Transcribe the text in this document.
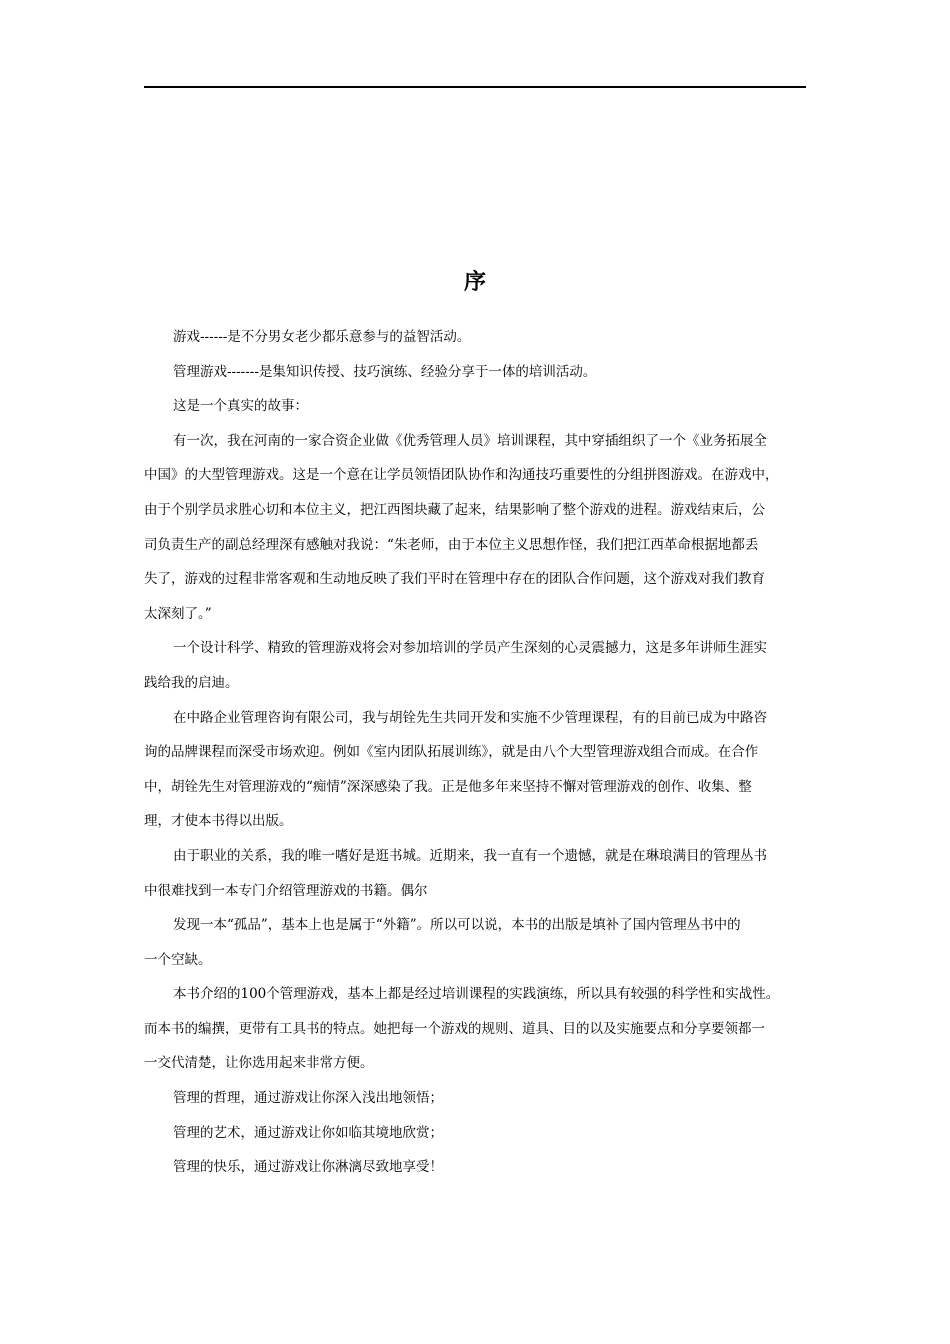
序

游戏------是不分男女老少都乐意参与的益智活动。

管理游戏-------是集知识传授、技巧演练、经验分享于一体的培训活动。

这是一个真实的故事：

有一次，我在河南的一家合资企业做《优秀管理人员》培训课程，其中穿插组织了一个《业务拓展全

中国》的大型管理游戏。这是一个意在让学员领悟团队协作和沟通技巧重要性的分组拼图游戏。在游戏中，

由于个别学员求胜心切和本位主义，把江西图块藏了起来，结果影响了整个游戏的进程。游戏结束后，公

司负责生产的副总经理深有感触对我说：“朱老师，由于本位主义思想作怪，我们把江西革命根据地都丢

失了，游戏的过程非常客观和生动地反映了我们平时在管理中存在的团队合作问题，这个游戏对我们教育

太深刻了。”

一个设计科学、精致的管理游戏将会对参加培训的学员产生深刻的心灵震撼力，这是多年讲师生涯实

践给我的启迪。

在中路企业管理咨询有限公司，我与胡铨先生共同开发和实施不少管理课程，有的目前已成为中路咨

询的品牌课程而深受市场欢迎。例如《室内团队拓展训练》，就是由八个大型管理游戏组合而成。在合作

中，胡铨先生对管理游戏的“痴情”深深感染了我。正是他多年来坚持不懈对管理游戏的创作、收集、整

理，才使本书得以出版。

由于职业的关系，我的唯一嗜好是逛书城。近期来，我一直有一个遗憾，就是在琳琅满目的管理丛书

中很难找到一本专门介绍管理游戏的书籍。偶尔

发现一本“孤品”，基本上也是属于“外籍”。所以可以说，本书的出版是填补了国内管理丛书中的

一个空缺。

本书介绍的100个管理游戏，基本上都是经过培训课程的实践演练，所以具有较强的科学性和实战性。

而本书的编撰，更带有工具书的特点。她把每一个游戏的规则、道具、目的以及实施要点和分享要领都一

一交代清楚，让你选用起来非常方便。

管理的哲理，通过游戏让你深入浅出地领悟；

管理的艺术，通过游戏让你如临其境地欣赏；

管理的快乐，通过游戏让你淋漓尽致地享受！
